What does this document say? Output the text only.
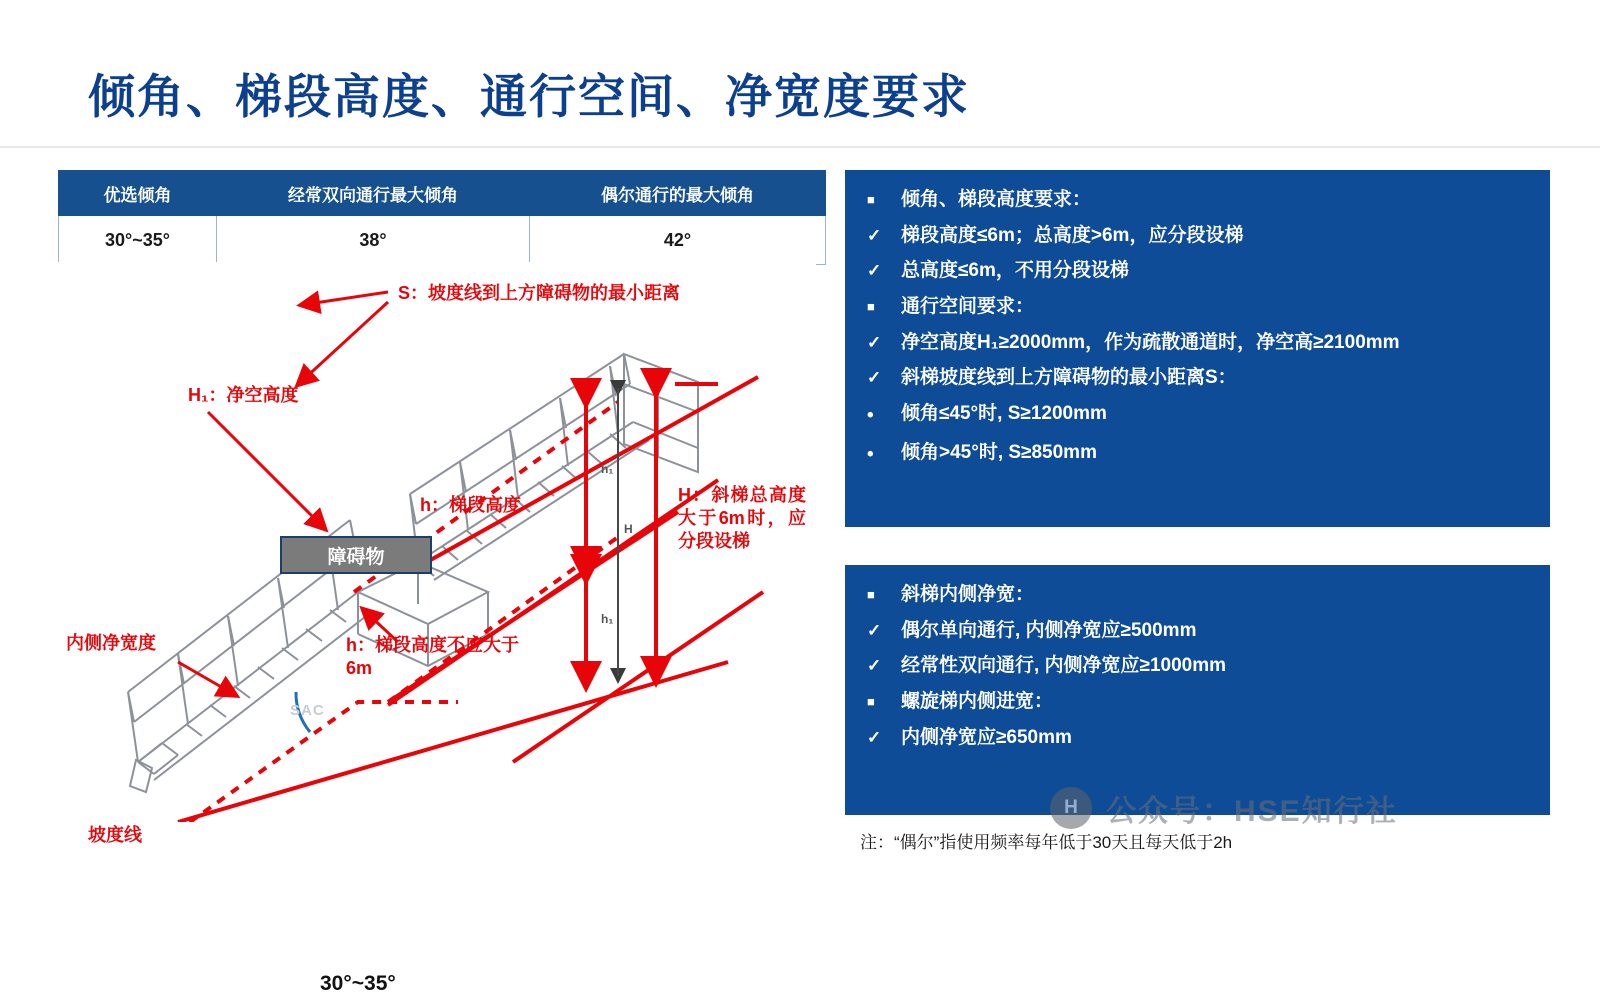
倾角、梯段高度、通行空间、净宽度要求
优选倾角	经常双向通行最大倾角	偶尔通行的最大倾角
30°~35°	38°	42°
障碍物
S：坡度线到上方障碍物的最小距离
H₁：净空高度
h：梯段高度	H：斜梯总高度大于6m时，应分段设梯
h：梯段高度不应大于6m
内侧净宽度
坡度线
30°~35°
SAC
h₁
h₁
H
■
倾角、梯段高度要求：
✓
梯段高度≤6m；总高度>6m，应分段设梯
✓
总高度≤6m，不用分段设梯
■
通行空间要求：
✓
净空高度H₁≥2000mm，作为疏散通道时，净空高≥2100mm
✓
斜梯坡度线到上方障碍物的最小距离S：
•
倾角≤45°时, S≥1200mm
•
倾角>45°时, S≥850mm
■
斜梯内侧净宽：
✓
偶尔单向通行, 内侧净宽应≥500mm
✓
经常性双向通行, 内侧净宽应≥1000mm
■
螺旋梯内侧进宽：
✓
内侧净宽应≥650mm
注：“偶尔”指使用频率每年低于30天且每天低于2h
H 公众号：HSE知行社
